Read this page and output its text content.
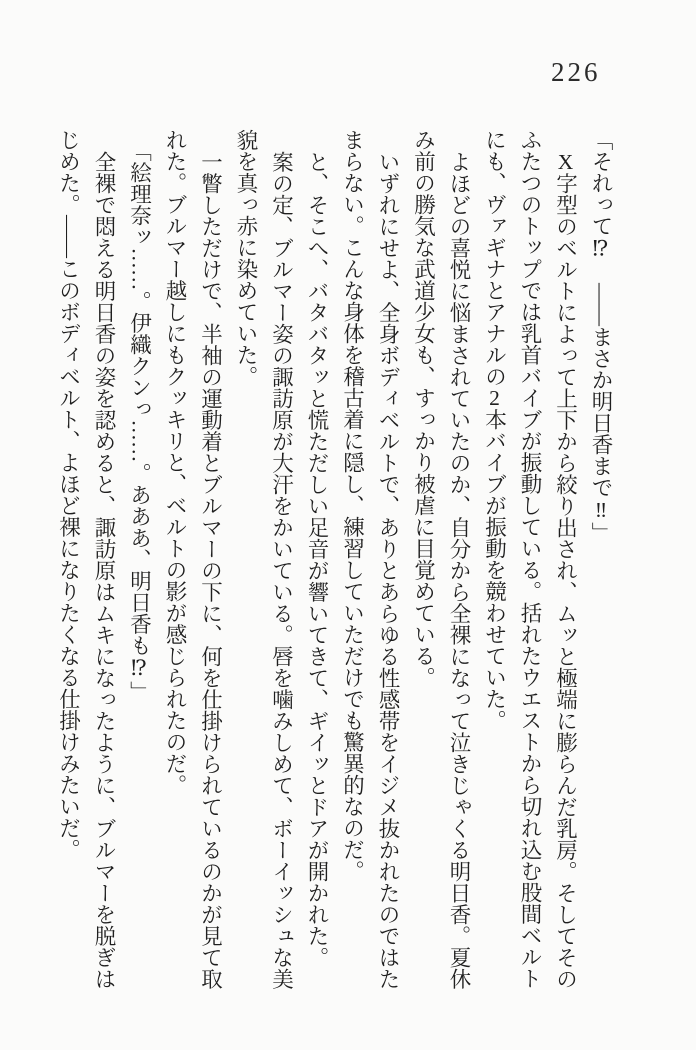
226

「それって⁉　――まさか明日香まで‼」

X字型のベルトによって上下から絞り出され、ムッと極端に膨らんだ乳房。そしてそのふたつのトップでは乳首バイブが振動している。括れたウエストから切れ込む股間ベルトにも、ヴァギナとアナルの2本バイブが振動を競わせていた。

よほどの喜悦に悩まされていたのか、自分から全裸になって泣きじゃくる明日香。夏休み前の勝気な武道少女も、すっかり被虐に目覚めている。

いずれにせよ、全身ボディベルトで、ありとあらゆる性感帯をイジメ抜かれたのではたまらない。こんな身体を稽古着に隠し、練習していただけでも驚異的なのだ。

と、そこへ、バタバタッと慌ただしい足音が響いてきて、ギイッとドアが開かれた。

案の定、ブルマー姿の諏訪原が大汗をかいている。唇を噛みしめて、ボーイッシュな美貌を真っ赤に染めていた。

一瞥しただけで、半袖の運動着とブルマーの下に、何を仕掛けられているのかが見て取れた。ブルマー越しにもクッキリと、ベルトの影が感じられたのだ。

「絵理奈ッ……。伊織クンっ……。あああ、明日香も⁉」

全裸で悶える明日香の姿を認めると、諏訪原はムキになったように、ブルマーを脱ぎはじめた。――このボディベルト、よほど裸になりたくなる仕掛けみたいだ。
